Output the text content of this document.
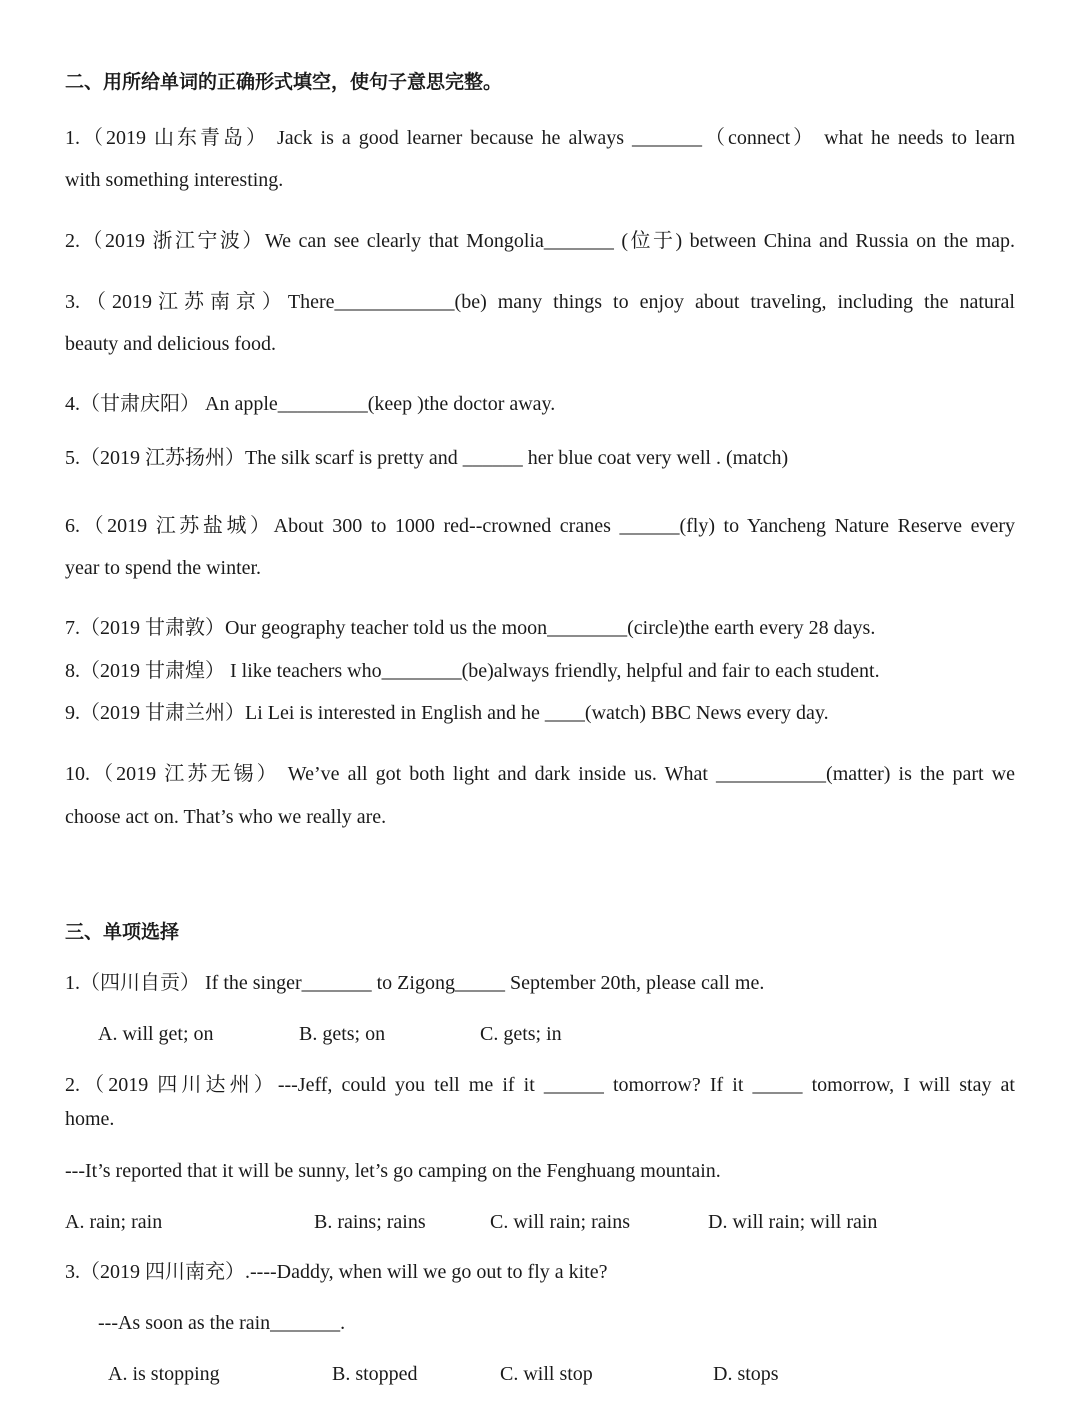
二、用所给单词的正确形式填空，使句子意思完整。
1.（2019 山东青岛） Jack is a good learner because he always _______（connect） what he needs to learn
with something interesting.
2.（2019 浙江宁波）We can see clearly that Mongolia_______ (位于) between China and Russia on the map.
3.（2019江苏南京）There____________(be) many things to enjoy about traveling, including the natural
beauty and delicious food.
4.（甘肃庆阳） An apple_________(keep )the doctor away.
5.（2019 江苏扬州）The silk scarf is pretty and ______ her blue coat very well . (match)
6.（2019 江苏盐城）About 300 to 1000 red--crowned cranes ______(fly) to Yancheng Nature Reserve every
year to spend the winter.
7.（2019 甘肃敦）Our geography teacher told us the moon________(circle)the earth every 28 days.
8.（2019 甘肃煌） I like teachers who________(be)always friendly, helpful and fair to each student.
9.（2019 甘肃兰州）Li Lei is interested in English and he ____(watch) BBC News every day.
10.（2019 江苏无锡） We’ve all got both light and dark inside us. What ___________(matter) is the part we
choose act on. That’s who we really are.
三、单项选择
1.（四川自贡） If the singer_______ to Zigong_____ September 20th, please call me.
A. will get; on	B. gets; on	C. gets; in
2.（2019 四川达州）---Jeff, could you tell me if it ______ tomorrow? If it _____ tomorrow, I will stay at
home.
---It’s reported that it will be sunny, let’s go camping on the Fenghuang mountain.
A. rain; rain	B. rains; rains	C. will rain; rains	D. will rain; will rain
3.（2019 四川南充）.----Daddy, when will we go out to fly a kite?
---As soon as the rain_______.
A. is stopping	B. stopped	C. will stop	D. stops
